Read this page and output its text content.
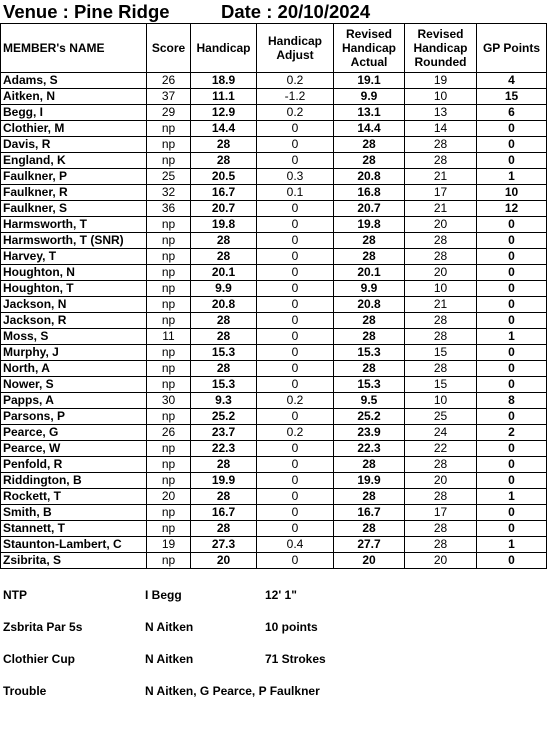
Venue : Pine Ridge	Date : 20/10/2024
MEMBER's NAME	Score	Handicap	Handicap Adjust	Revised Handicap Actual	Revised Handicap Rounded	GP Points
Adams, S	26	18.9	0.2	19.1	19	4
Aitken, N	37	11.1	-1.2	9.9	10	15
Begg, I	29	12.9	0.2	13.1	13	6
Clothier, M	np	14.4	0	14.4	14	0
Davis, R	np	28	0	28	28	0
England, K	np	28	0	28	28	0
Faulkner, P	25	20.5	0.3	20.8	21	1
Faulkner, R	32	16.7	0.1	16.8	17	10
Faulkner, S	36	20.7	0	20.7	21	12
Harmsworth, T	np	19.8	0	19.8	20	0
Harmsworth, T (SNR)	np	28	0	28	28	0
Harvey, T	np	28	0	28	28	0
Houghton, N	np	20.1	0	20.1	20	0
Houghton, T	np	9.9	0	9.9	10	0
Jackson, N	np	20.8	0	20.8	21	0
Jackson, R	np	28	0	28	28	0
Moss, S	11	28	0	28	28	1
Murphy, J	np	15.3	0	15.3	15	0
North, A	np	28	0	28	28	0
Nower, S	np	15.3	0	15.3	15	0
Papps, A	30	9.3	0.2	9.5	10	8
Parsons, P	np	25.2	0	25.2	25	0
Pearce, G	26	23.7	0.2	23.9	24	2
Pearce, W	np	22.3	0	22.3	22	0
Penfold, R	np	28	0	28	28	0
Riddington, B	np	19.9	0	19.9	20	0
Rockett, T	20	28	0	28	28	1
Smith, B	np	16.7	0	16.7	17	0
Stannett, T	np	28	0	28	28	0
Staunton-Lambert, C	19	27.3	0.4	27.7	28	1
Zsibrita, S	np	20	0	20	20	0
NTP	I Begg	12' 1"
Zsbrita Par 5s	N Aitken	10 points
Clothier Cup	N Aitken	71 Strokes
Trouble	N Aitken, G Pearce, P Faulkner
